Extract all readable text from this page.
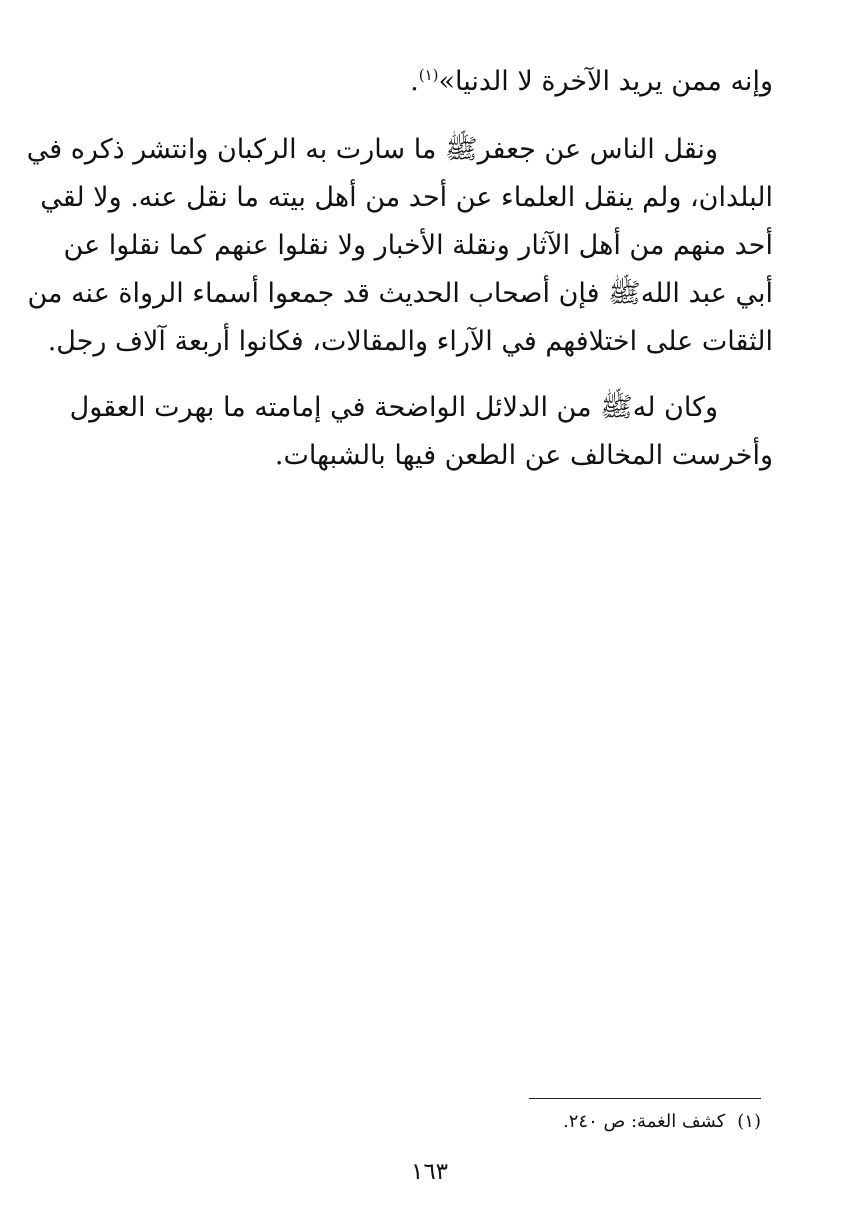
وإنه ممن يريد الآخرة لا الدنيا»$^{(١)}$.
ونقل الناس عن جعفرﷺ ما سارت به الركبان وانتشر ذكره في
البلدان، ولم ينقل العلماء عن أحد من أهل بيته ما نقل عنه. ولا لقي
أحد منهم من أهل الآثار ونقلة الأخبار ولا نقلوا عنهم كما نقلوا عن
أبي عبد اللهﷺ فإن أصحاب الحديث قد جمعوا أسماء الرواة عنه من
الثقات على اختلافهم في الآراء والمقالات، فكانوا أربعة آلاف رجل.
وكان لهﷺ من الدلائل الواضحة في إمامته ما بهرت العقول
وأخرست المخالف عن الطعن فيها بالشبهات.
(١)كشف الغمة: ص ٢٤٠.
١٦٣
